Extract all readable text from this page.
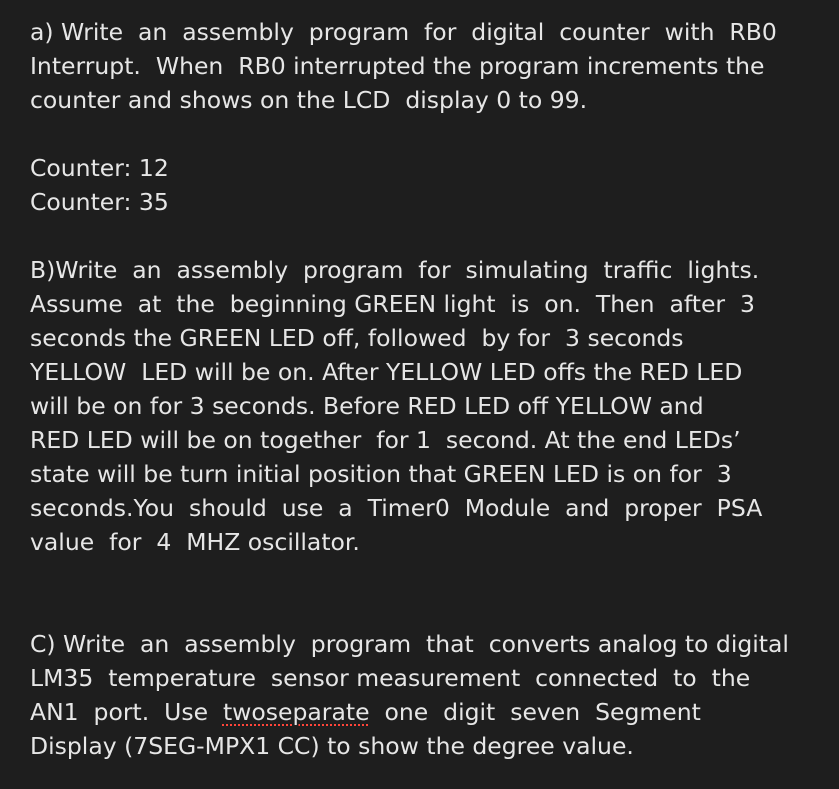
a) Write  an  assembly  program  for  digital  counter  with  RB0
Interrupt.  When  RB0 interrupted the program increments the
counter and shows on the LCD  display 0 to 99.
Counter: 12
Counter: 35
B)Write  an  assembly  program  for  simulating  traffic  lights.
Assume  at  the  beginning GREEN light  is  on.  Then  after  3
seconds the GREEN LED off, followed  by for  3 seconds
YELLOW  LED will be on. After YELLOW LED offs the RED LED
will be on for 3 seconds. Before RED LED off YELLOW and
RED LED will be on together  for 1  second. At the end LEDs’
state will be turn initial position that GREEN LED is on for  3
seconds.You  should  use  a  Timer0  Module  and  proper  PSA
value  for  4  MHZ oscillator.
C) Write  an  assembly  program  that  converts analog to digital
LM35  temperature  sensor measurement  connected  to  the
AN1  port.  Use  twoseparate  one  digit  seven  Segment
Display (7SEG-MPX1 CC) to show the degree value.
